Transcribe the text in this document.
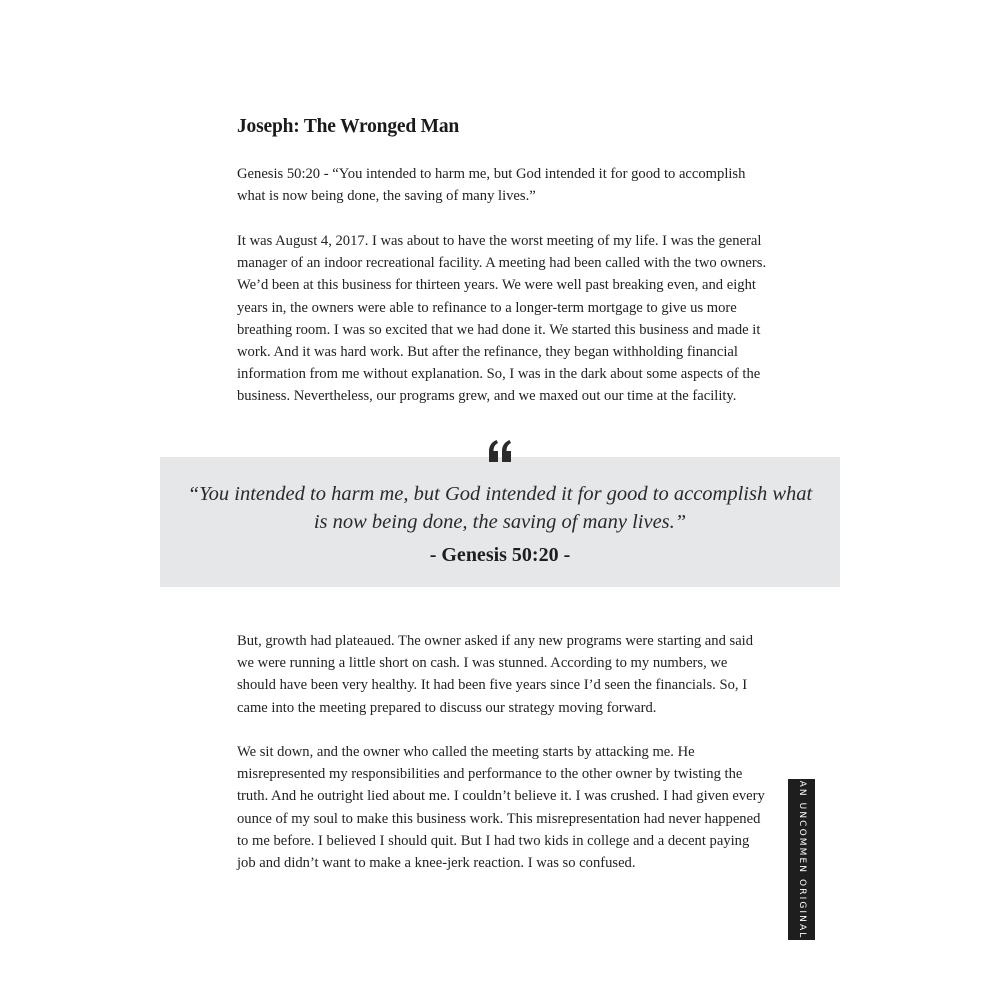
Joseph: The Wronged Man

Genesis 50:20 - “You intended to harm me, but God intended it for good to accomplish what is now being done, the saving of many lives.”

It was August 4, 2017. I was about to have the worst meeting of my life. I was the general manager of an indoor recreational facility. A meeting had been called with the two owners. We’d been at this business for thirteen years. We were well past breaking even, and eight years in, the owners were able to refinance to a longer-term mortgage to give us more breathing room. I was so excited that we had done it. We started this business and made it work. And it was hard work. But after the refinance, they began withholding financial information from me without explanation. So, I was in the dark about some aspects of the business. Nevertheless, our programs grew, and we maxed out our time at the facility.

“You intended to harm me, but God intended it for good to accomplish what is now being done, the saving of many lives.”

- Genesis 50:20 -

But, growth had plateaued. The owner asked if any new programs were starting and said we were running a little short on cash. I was stunned. According to my numbers, we should have been very healthy. It had been five years since I’d seen the financials. So, I came into the meeting prepared to discuss our strategy moving forward.

We sit down, and the owner who called the meeting starts by attacking me. He misrepresented my responsibilities and performance to the other owner by twisting the truth. And he outright lied about me. I couldn’t believe it. I was crushed. I had given every ounce of my soul to make this business work. This misrepresentation had never happened to me before. I believed I should quit. But I had two kids in college and a decent paying job and didn’t want to make a knee-jerk reaction. I was so confused.	AN UNCOMMEN ORIGINAL
